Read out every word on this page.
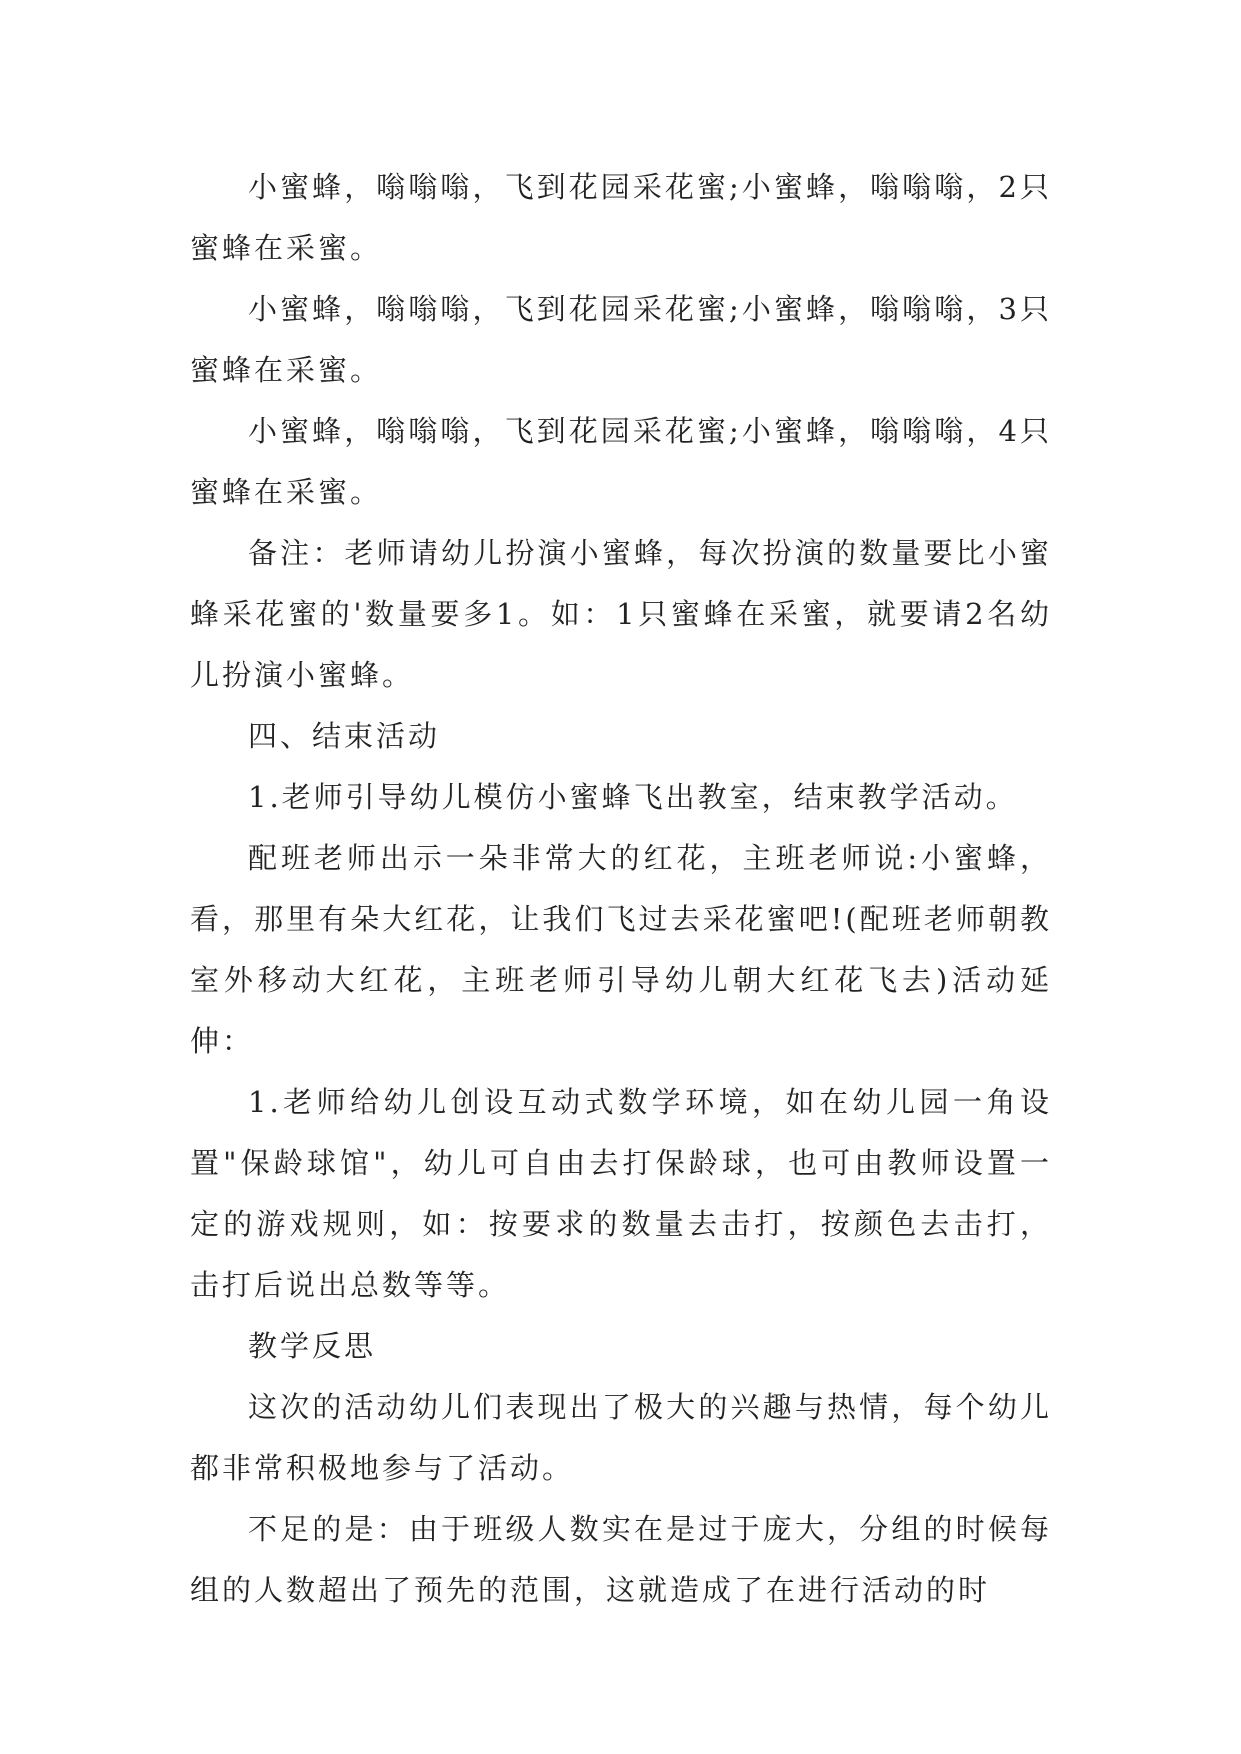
小蜜蜂，嗡嗡嗡，飞到花园采花蜜;小蜜蜂，嗡嗡嗡，2只蜜蜂在采蜜。

小蜜蜂，嗡嗡嗡，飞到花园采花蜜;小蜜蜂，嗡嗡嗡，3只蜜蜂在采蜜。

小蜜蜂，嗡嗡嗡，飞到花园采花蜜;小蜜蜂，嗡嗡嗡，4只蜜蜂在采蜜。

备注：老师请幼儿扮演小蜜蜂，每次扮演的数量要比小蜜蜂采花蜜的'数量要多1。如：1只蜜蜂在采蜜，就要请2名幼儿扮演小蜜蜂。

四、结束活动

1.老师引导幼儿模仿小蜜蜂飞出教室，结束教学活动。

配班老师出示一朵非常大的红花，主班老师说:小蜜蜂，看，那里有朵大红花，让我们飞过去采花蜜吧!(配班老师朝教室外移动大红花，主班老师引导幼儿朝大红花飞去)活动延伸：

1.老师给幼儿创设互动式数学环境，如在幼儿园一角设置"保龄球馆"，幼儿可自由去打保龄球，也可由教师设置一定的游戏规则，如：按要求的数量去击打，按颜色去击打，击打后说出总数等等。

教学反思

这次的活动幼儿们表现出了极大的兴趣与热情，每个幼儿都非常积极地参与了活动。

不足的是：由于班级人数实在是过于庞大，分组的时候每组的人数超出了预先的范围，这就造成了在进行活动的时
